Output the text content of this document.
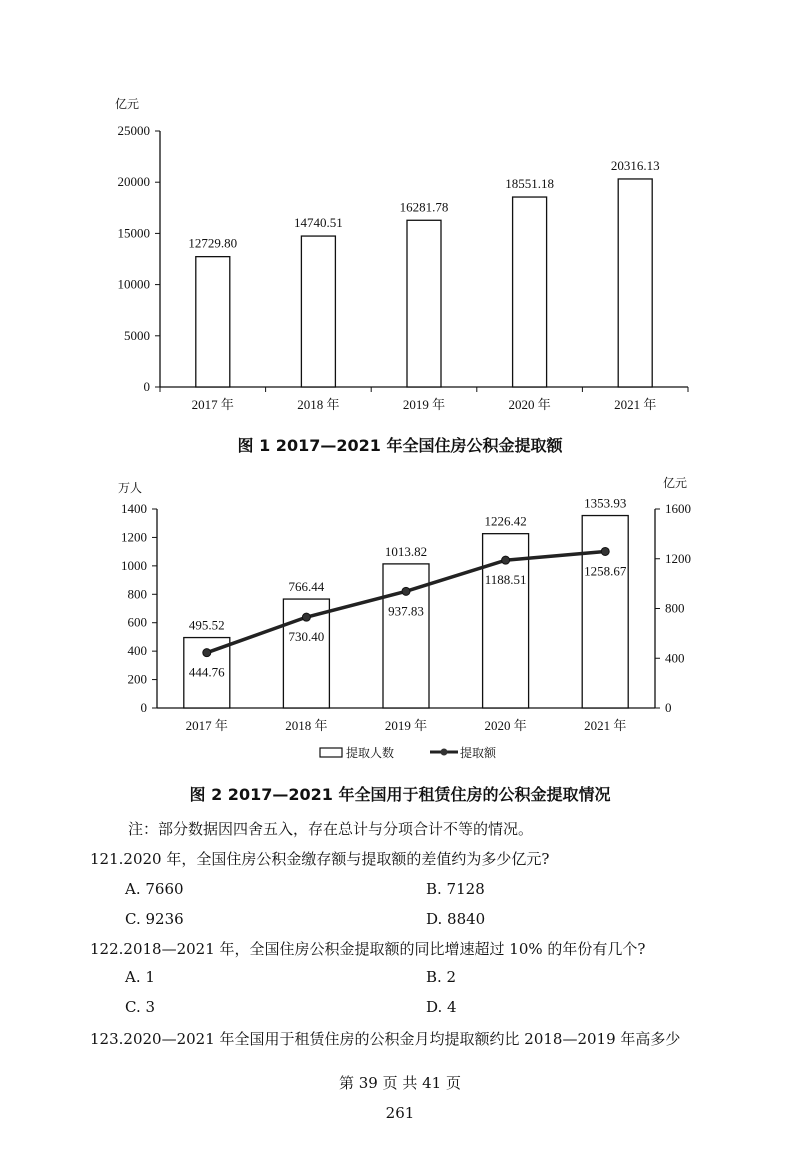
亿元
0
5000
10000
15000
20000
25000
12729.80
2017 年
14740.51
2018 年
16281.78
2019 年
18551.18
2020 年
20316.13
2021 年
图 1 2017—2021 年全国住房公积金提取额
万人	亿元
0
200
400
600
800
1000
1200
1400
0
400
800
1200
1600
495.52
2017 年
766.44
2018 年
1013.82
2019 年
1226.42
2020 年
1353.93
2021 年
444.76
730.40
937.83
1188.51
1258.67
提取人数	提取额
图 2 2017—2021 年全国用于租赁住房的公积金提取情况
注：部分数据因四舍五入，存在总计与分项合计不等的情况。
121.2020 年，全国住房公积金缴存额与提取额的差值约为多少亿元?
A. 7660	B. 7128
C. 9236	D. 8840
122.2018—2021 年，全国住房公积金提取额的同比增速超过 10% 的年份有几个?
A. 1	B. 2
C. 3	D. 4
123.2020—2021 年全国用于租赁住房的公积金月均提取额约比 2018—2019 年高多少
第 39 页 共 41 页
261
